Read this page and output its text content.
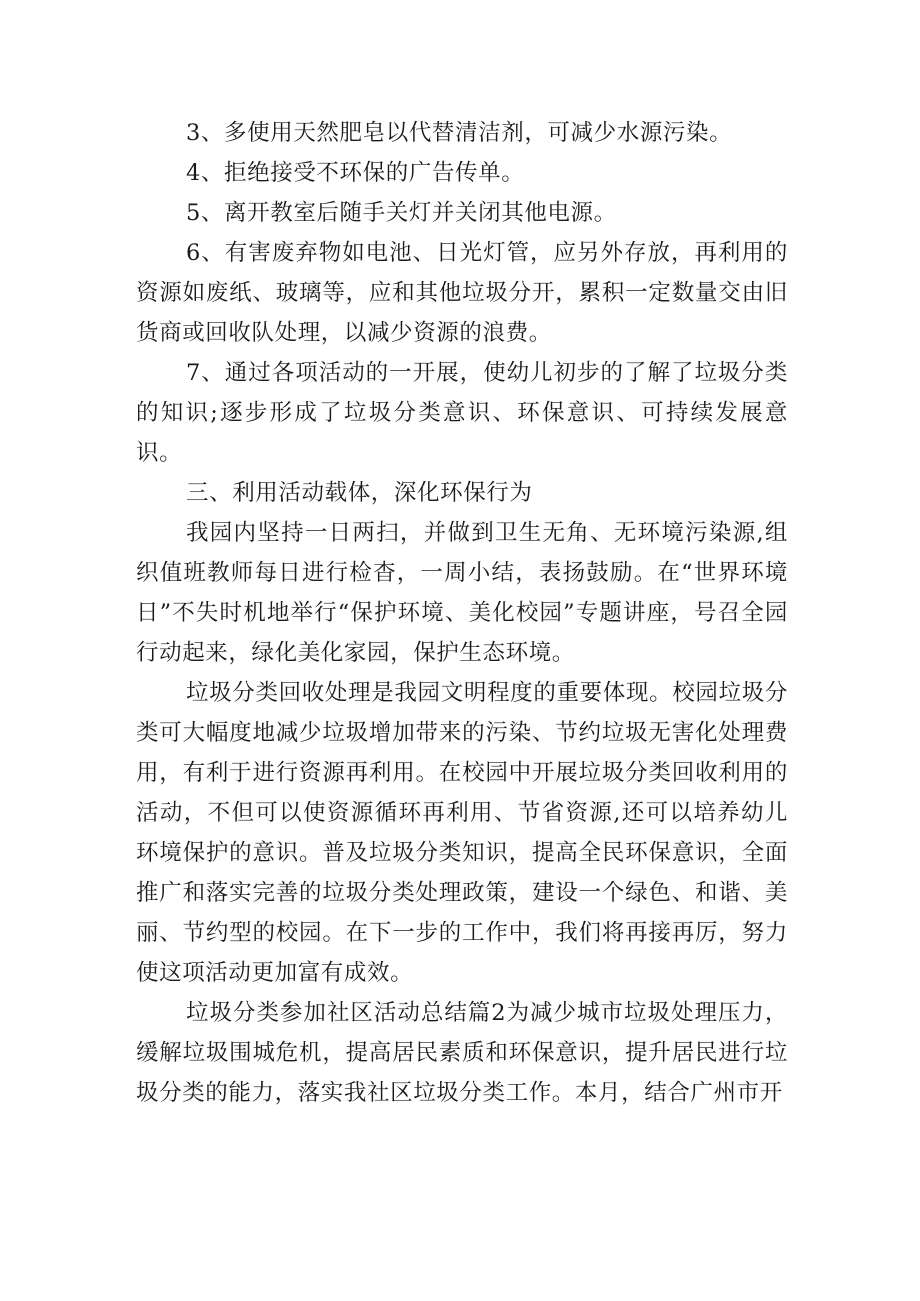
3、多使用天然肥皂以代替清洁剂，可减少水源污染。

4、拒绝接受不环保的广告传单。

5、离开教室后随手关灯并关闭其他电源。

6、有害废弃物如电池、日光灯管，应另外存放，再利用的资源如废纸、玻璃等，应和其他垃圾分开，累积一定数量交由旧货商或回收队处理，以减少资源的浪费。

7、通过各项活动的一开展，使幼儿初步的了解了垃圾分类的知识;逐步形成了垃圾分类意识、环保意识、可持续发展意识。

三、利用活动载体，深化环保行为

我园内坚持一日两扫，并做到卫生无角、无环境污染源,组织值班教师每日进行检杳，一周小结，表扬鼓励。在“世界环境日”不失时机地举行“保护环境、美化校园”专题讲座，号召全园行动起来，绿化美化家园，保护生态环境。

垃圾分类回收处理是我园文明程度的重要体现。校园垃圾分类可大幅度地减少垃圾增加带来的污染、节约垃圾无害化处理费用，有利于进行资源再利用。在校园中开展垃圾分类回收利用的活动，不但可以使资源循环再利用、节省资源,还可以培养幼儿环境保护的意识。普及垃圾分类知识，提高全民环保意识，全面推广和落实完善的垃圾分类处理政策，建设一个绿色、和谐、美丽、节约型的校园。在下一步的工作中，我们将再接再厉，努力使这项活动更加富有成效。

垃圾分类参加社区活动总结篇2为减少城市垃圾处理压力，缓解垃圾围城危机，提高居民素质和环保意识，提升居民进行垃圾分类的能力，落实我社区垃圾分类工作。本月，结合广州市开
